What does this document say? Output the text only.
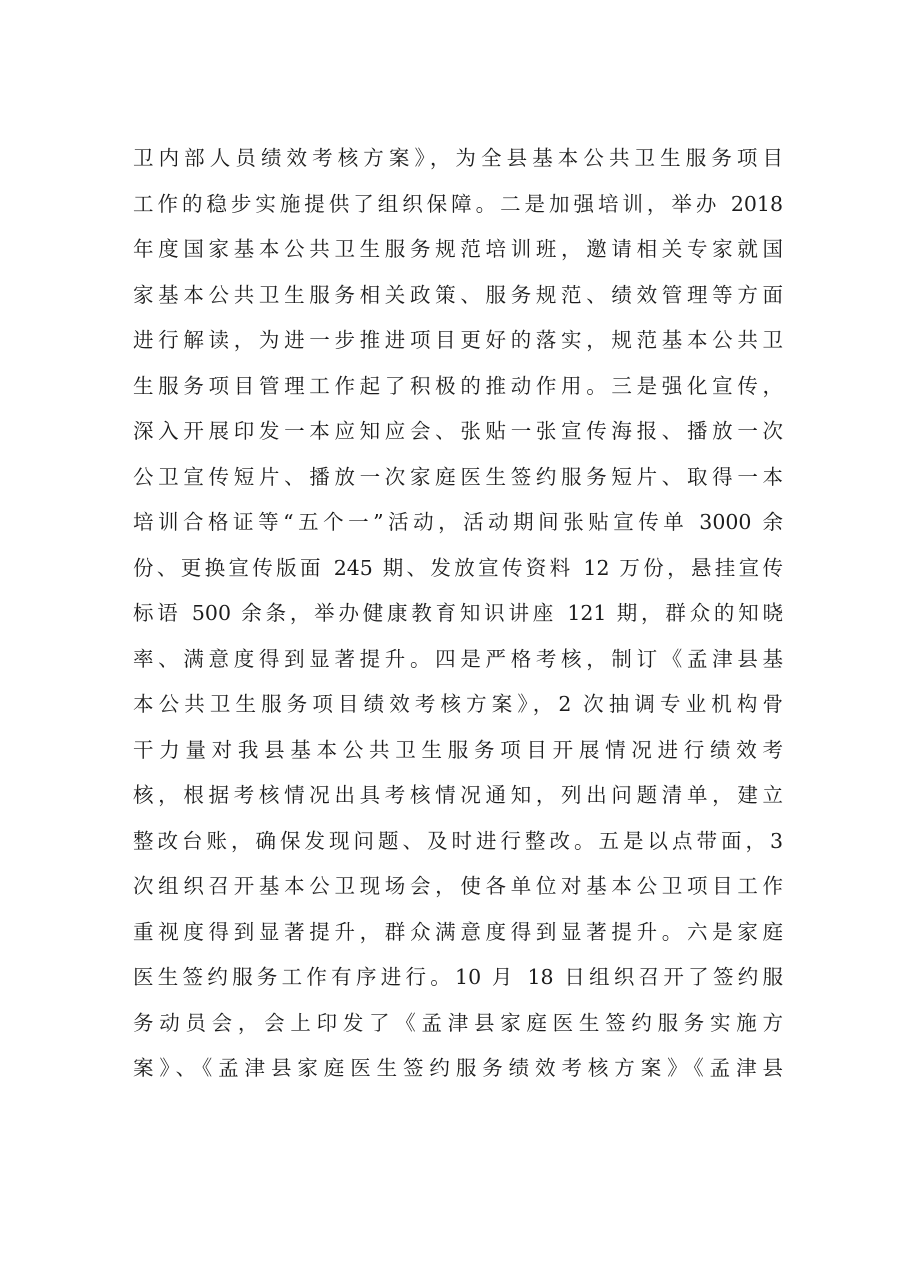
卫内部人员绩效考核方案》，为全县基本公共卫生服务项目
工作的稳步实施提供了组织保障。二是加强培训，举办 2018
年度国家基本公共卫生服务规范培训班，邀请相关专家就国
家基本公共卫生服务相关政策、服务规范、绩效管理等方面
进行解读，为进一步推进项目更好的落实，规范基本公共卫
生服务项目管理工作起了积极的推动作用。三是强化宣传，
深入开展印发一本应知应会、张贴一张宣传海报、播放一次
公卫宣传短片、播放一次家庭医生签约服务短片、取得一本
培训合格证等“五个一”活动，活动期间张贴宣传单 3000 余
份、更换宣传版面 245 期、发放宣传资料 12 万份，悬挂宣传
标语 500 余条，举办健康教育知识讲座 121 期，群众的知晓
率、满意度得到显著提升。四是严格考核，制订《孟津县基
本公共卫生服务项目绩效考核方案》，2 次抽调专业机构骨
干力量对我县基本公共卫生服务项目开展情况进行绩效考
核，根据考核情况出具考核情况通知，列出问题清单，建立
整改台账，确保发现问题、及时进行整改。五是以点带面，3
次组织召开基本公卫现场会，使各单位对基本公卫项目工作
重视度得到显著提升，群众满意度得到显著提升。六是家庭
医生签约服务工作有序进行。10 月 18 日组织召开了签约服
务动员会，会上印发了《孟津县家庭医生签约服务实施方
案》、《孟津县家庭医生签约服务绩效考核方案》《孟津县
